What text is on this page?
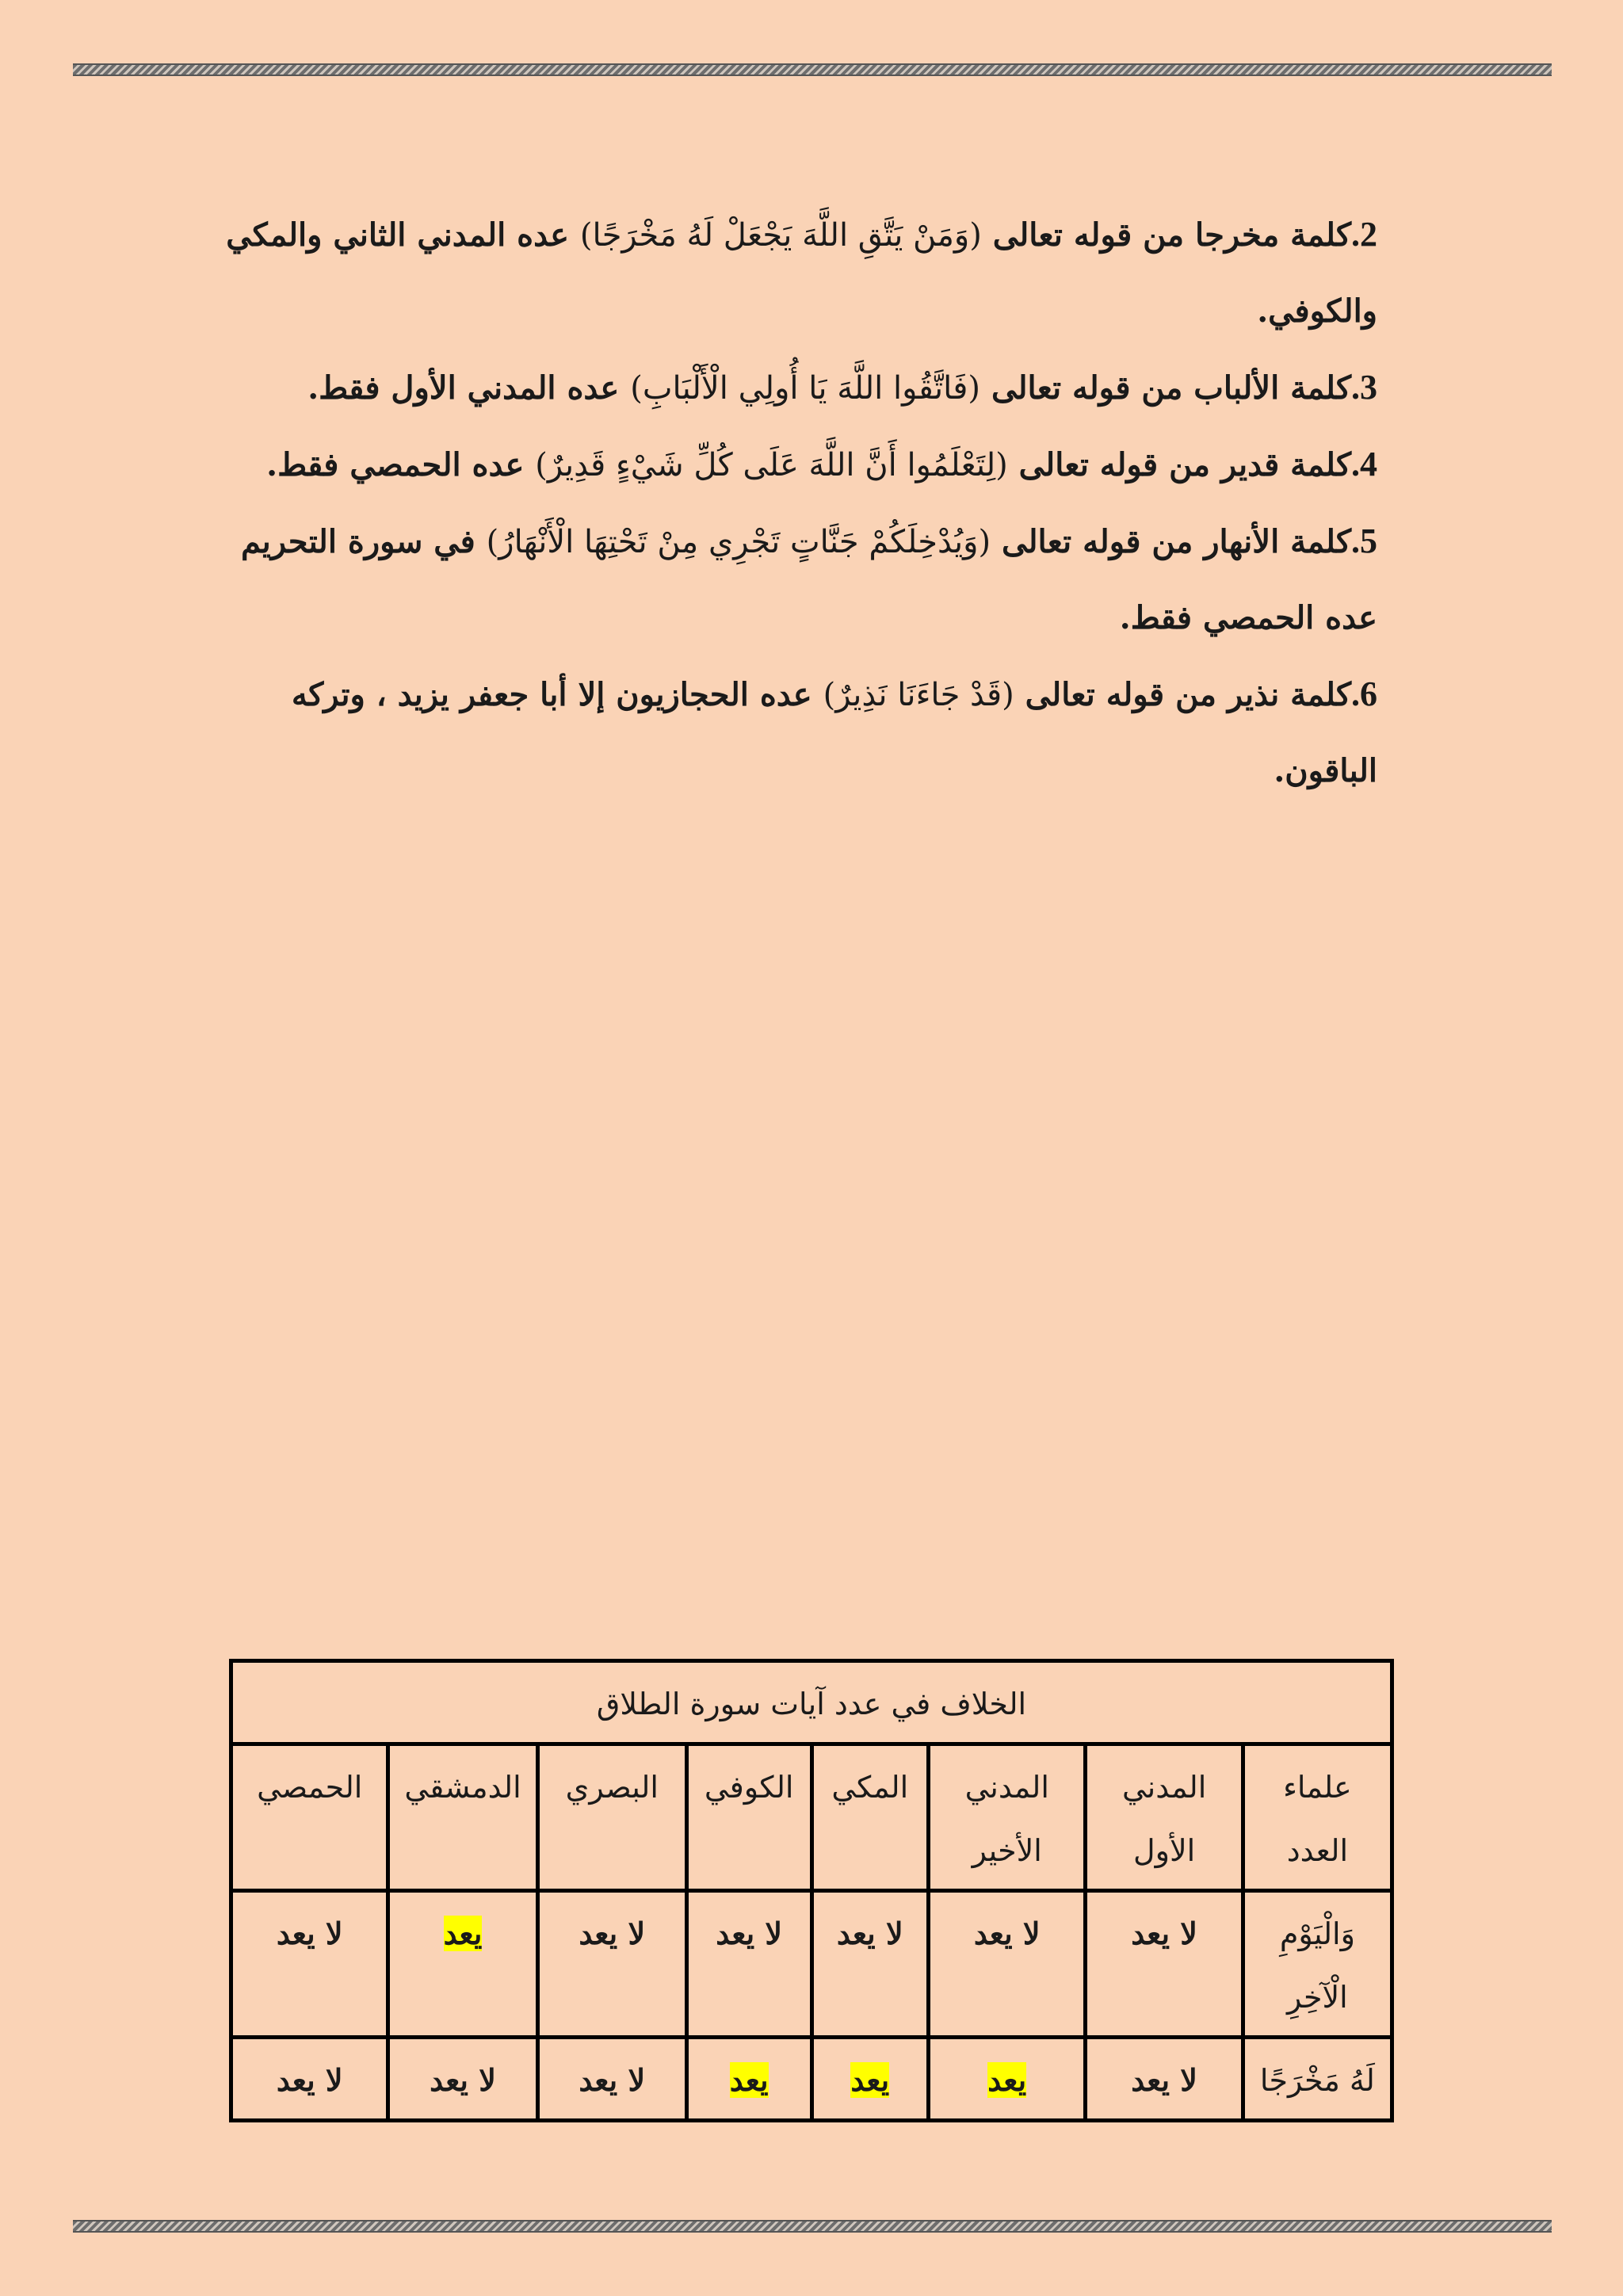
2.كلمة مخرجا من قوله تعالى (وَمَنْ يَتَّقِ اللَّهَ يَجْعَلْ لَهُ مَخْرَجًا) عده المدني الثاني والمكي والكوفي.

3.كلمة الألباب من قوله تعالى (فَاتَّقُوا اللَّهَ يَا أُولِي الْأَلْبَابِ) عده المدني الأول فقط.

4.كلمة قدير من قوله تعالى (لِتَعْلَمُوا أَنَّ اللَّهَ عَلَى كُلِّ شَيْءٍ قَدِيرٌ) عده الحمصي فقط.

5.كلمة الأنهار من قوله تعالى (وَيُدْخِلَكُمْ جَنَّاتٍ تَجْرِي مِنْ تَحْتِهَا الْأَنْهَارُ) في سورة التحريم عده الحمصي فقط.

6.كلمة نذير من قوله تعالى (قَدْ جَاءَنَا نَذِيرٌ) عده الحجازيون إلا أبا جعفر يزيد ، وتركه الباقون.

الخلاف في عدد آيات سورة الطلاق							
علماء العدد	المدني الأول	المدني الأخير	المكي	الكوفي	البصري	الدمشقي	الحمصي
وَالْيَوْمِ الْآخِرِ	لا يعد	لا يعد	لا يعد	لا يعد	لا يعد	يعد	لا يعد
لَهُ مَخْرَجًا	لا يعد	يعد	يعد	يعد	لا يعد	لا يعد	لا يعد
